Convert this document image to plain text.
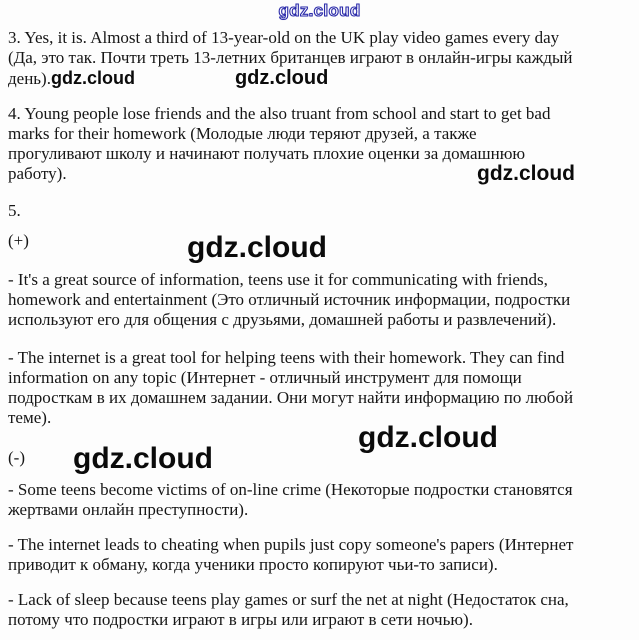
gdz.cloud

3. Yes, it is. Almost a third of 13-year-old on the UK play video games every day
(Да, это так. Почти треть 13-летних британцев играют в онлайн-игры каждый
день).gdz.cloud	gdz.cloud

4. Young people lose friends and the also truant from school and start to get bad
marks for their homework (Молодые люди теряют друзей, а также
прогуливают школу и начинают получать плохие оценки за домашнюю
работу).	gdz.cloud
5.
(+)	gdz.cloud

- It's a great source of information, teens use it for communicating with friends,
homework and entertainment (Это отличный источник информации, подростки
используют его для общения с друзьями, домашней работы и развлечений).

- The internet is a great tool for helping teens with their homework. They can find
information on any topic (Интернет - отличный инструмент для помощи
подросткам в их домашнем задании. Они могут найти информацию по любой
теме).

gdz.cloud
(-) gdz.cloud

- Some teens become victims of on-line crime (Некоторые подростки становятся
жертвами онлайн преступности).

- The internet leads to cheating when pupils just copy someone's papers (Интернет
приводит к обману, когда ученики просто копируют чьи-то записи).

- Lack of sleep because teens play games or surf the net at night (Недостаток сна,
потому что подростки играют в игры или играют в сети ночью).
